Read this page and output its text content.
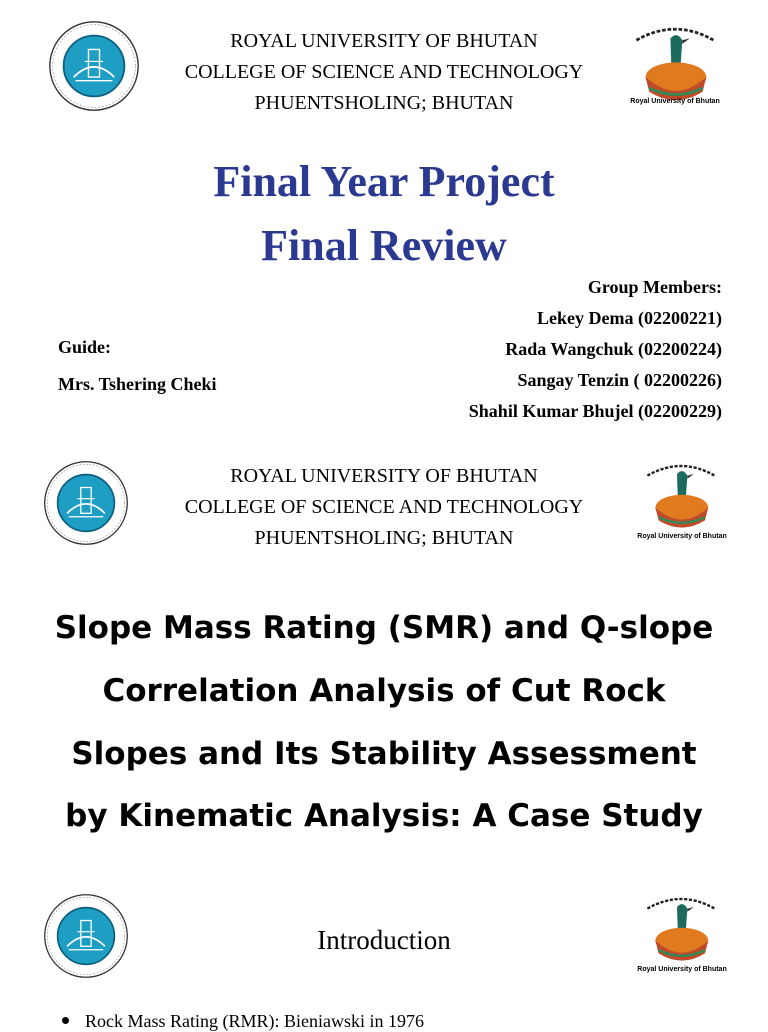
ROYAL UNIVERSITY OF BHUTAN
COLLEGE OF SCIENCE AND TECHNOLOGY
PHUENTSHOLING; BHUTAN	Royal University of Bhutan
Final Year Project
Final Review
Group Members:
Lekey Dema (02200221)
Rada Wangchuk (02200224)
Sangay Tenzin ( 02200226)
Shahil Kumar Bhujel (02200229)
Guide:
Mrs. Tshering Cheki
ROYAL UNIVERSITY OF BHUTAN
COLLEGE OF SCIENCE AND TECHNOLOGY
PHUENTSHOLING; BHUTAN	Royal University of Bhutan
Slope Mass Rating (SMR) and Q-slope
Correlation Analysis of Cut Rock
Slopes and Its Stability Assessment
by Kinematic Analysis: A Case Study
Introduction
Royal University of Bhutan
Rock Mass Rating (RMR): Bieniawski in 1976
